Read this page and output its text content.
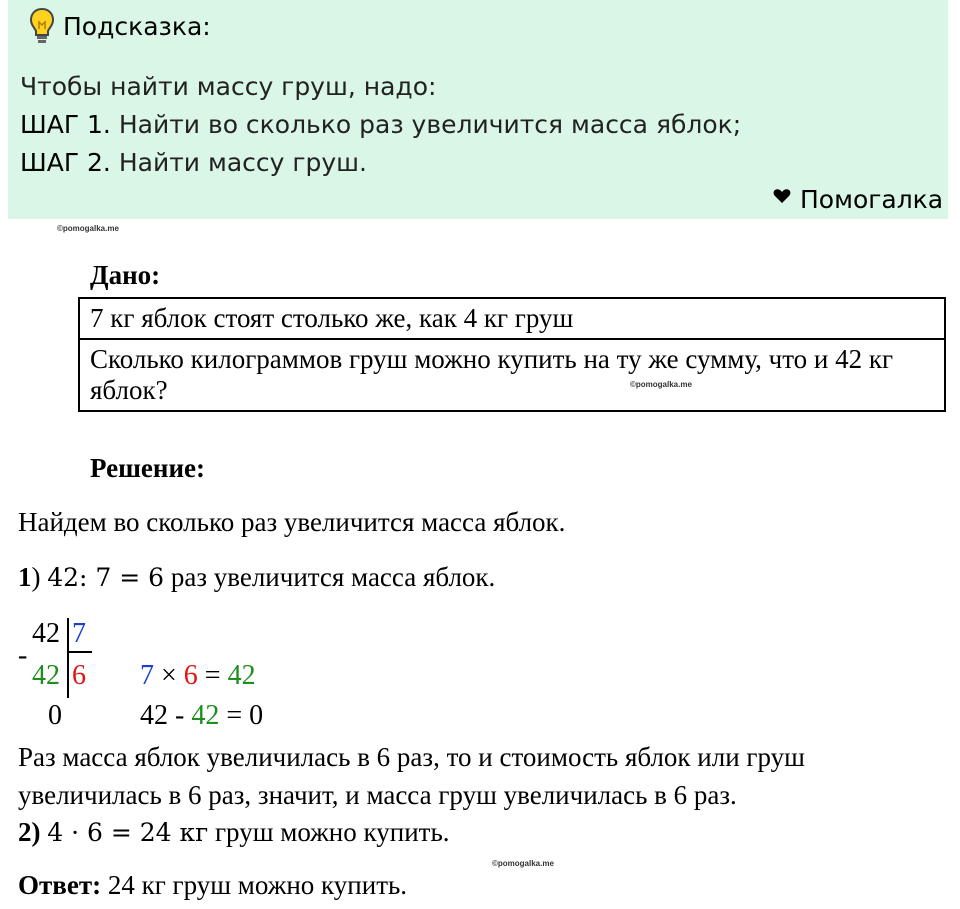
Подсказка:
Чтобы найти массу груш, надо:
ШАГ 1. Найти во сколько раз увеличится масса яблок;
ШАГ 2. Найти массу груш.
Помогалка
©pomogalka.me
Дано:
7 кг яблок стоят столько же, как 4 кг груш
Сколько килограммов груш можно купить на ту же сумму, что и 42 кг яблок?	©pomogalka.me
Решение:
Найдем во сколько раз увеличится масса яблок.
1) 42: 7 = 6 раз увеличится масса яблок.
42 7
-
42 6
0
7 × 6 = 42
42 - 42 = 0
Раз масса яблок увеличилась в 6 раз, то и стоимость яблок или груш
увеличилась в 6 раз, значит, и масса груш увеличилась в 6 раз.
2) 4 · 6 = 24 кг груш можно купить.
©pomogalka.me
Ответ: 24 кг груш можно купить.
